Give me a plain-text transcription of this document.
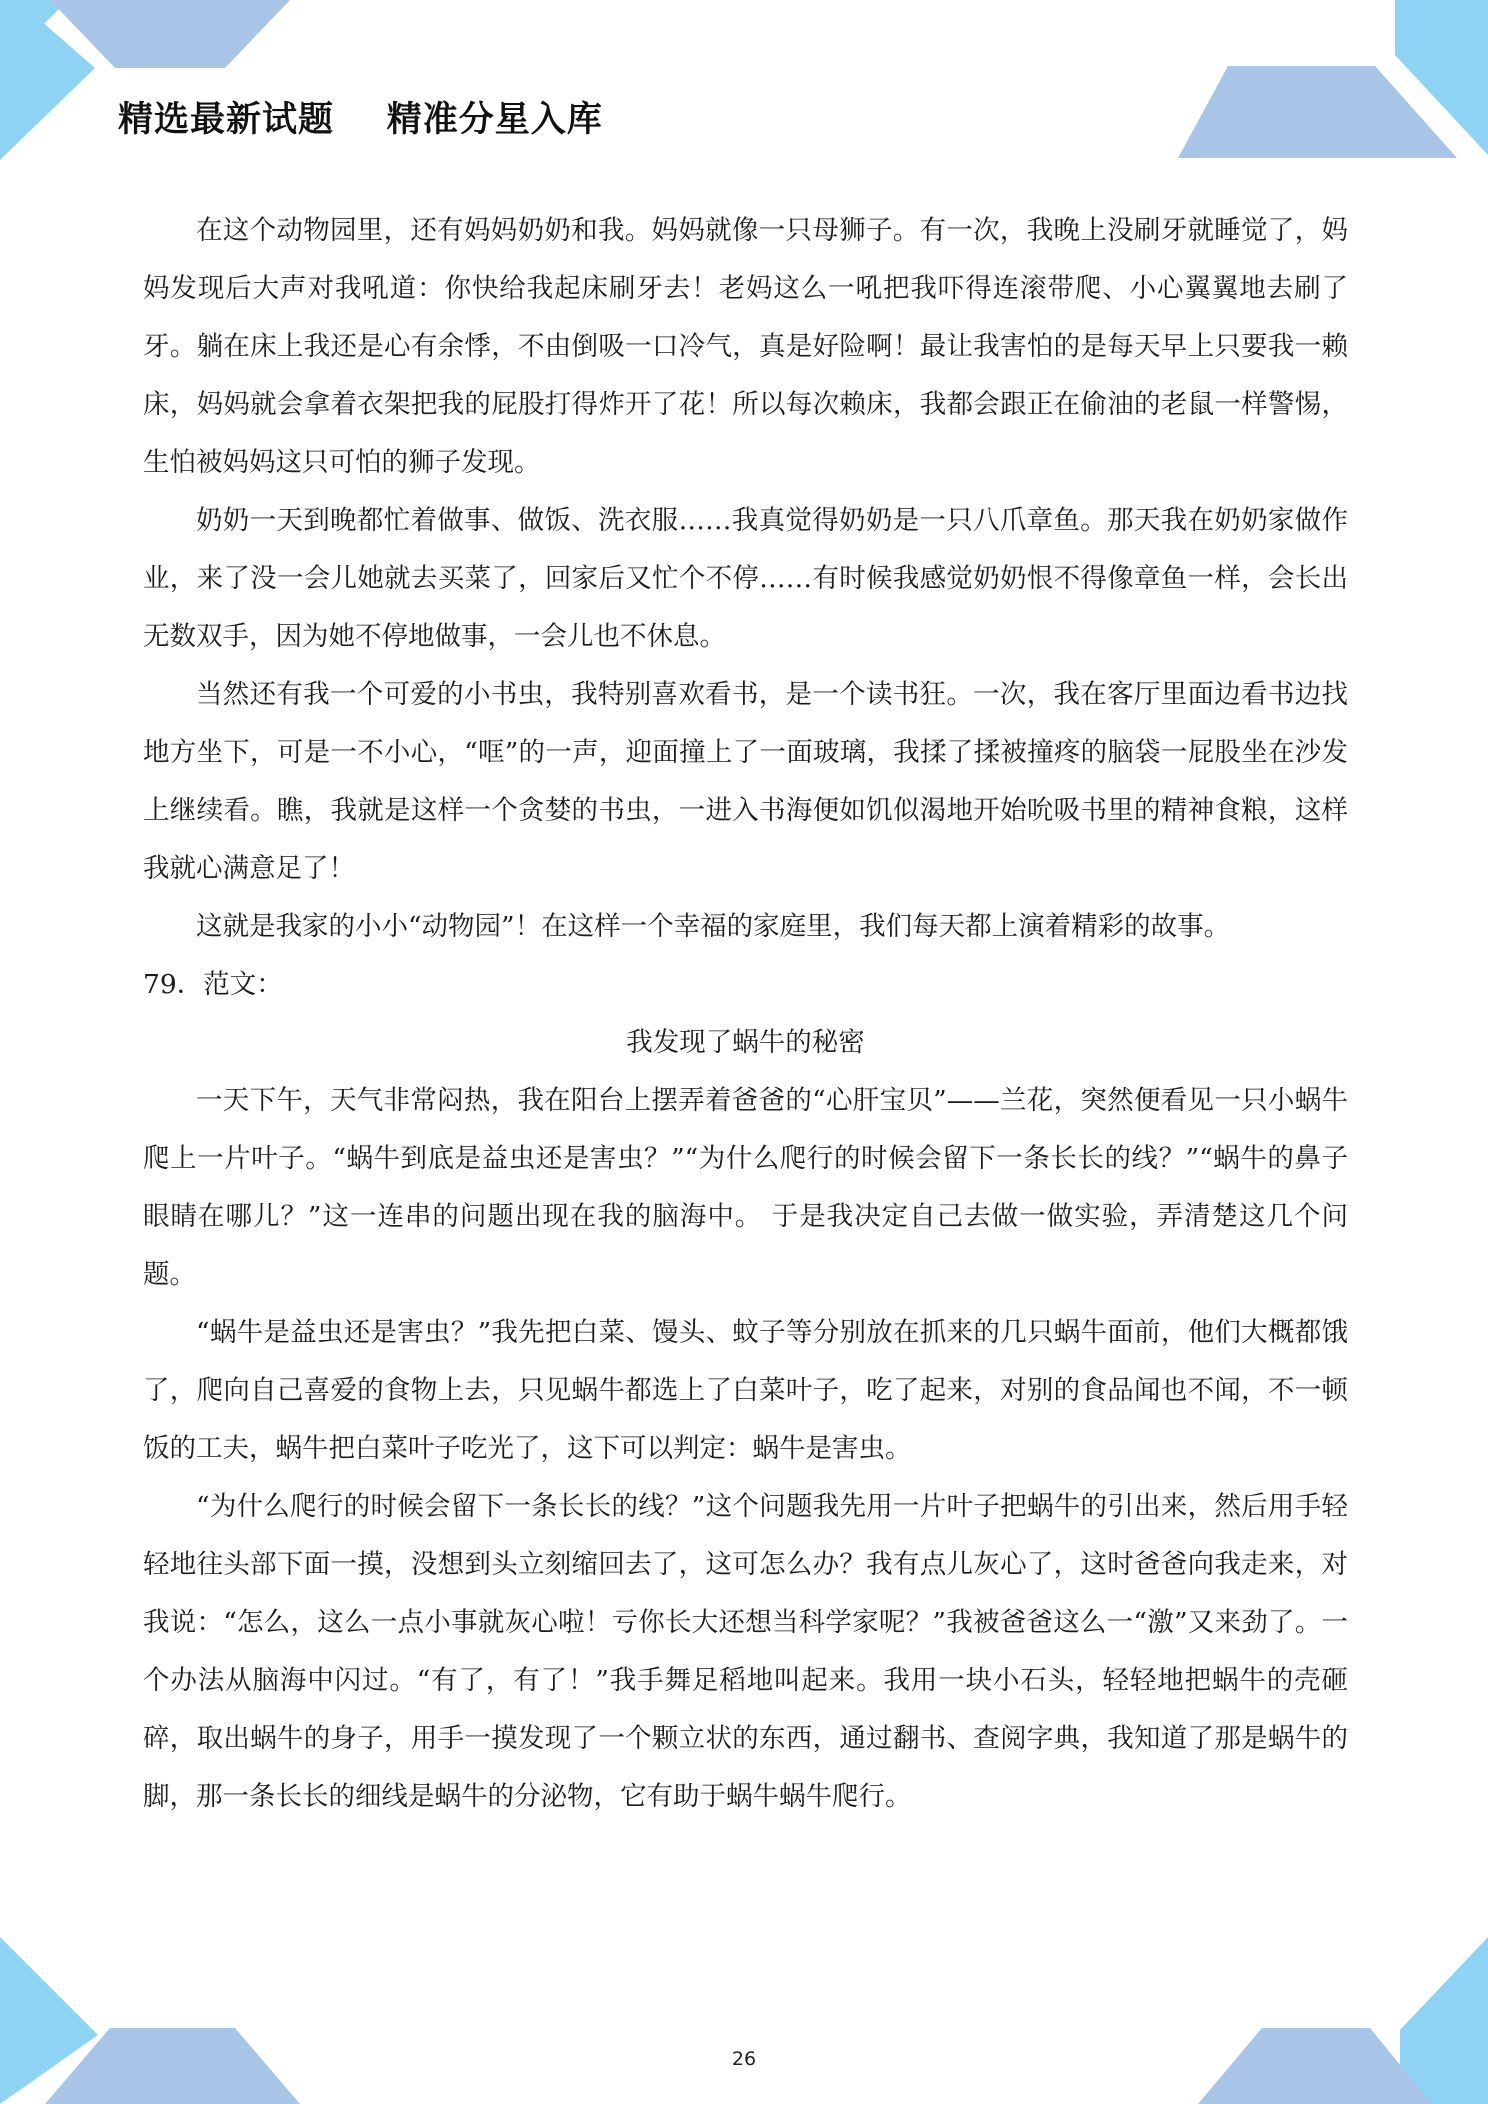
精选最新试题    精准分星入库

在这个动物园里，还有妈妈奶奶和我。妈妈就像一只母狮子。有一次，我晚上没刷牙就睡觉了，妈妈发现后大声对我吼道：你快给我起床刷牙去！老妈这么一吼把我吓得连滚带爬、小心翼翼地去刷了牙。躺在床上我还是心有余悸，不由倒吸一口冷气，真是好险啊！最让我害怕的是每天早上只要我一赖床，妈妈就会拿着衣架把我的屁股打得炸开了花！所以每次赖床，我都会跟正在偷油的老鼠一样警惕，生怕被妈妈这只可怕的狮子发现。

奶奶一天到晚都忙着做事、做饭、洗衣服……我真觉得奶奶是一只八爪章鱼。那天我在奶奶家做作业，来了没一会儿她就去买菜了，回家后又忙个不停……有时候我感觉奶奶恨不得像章鱼一样，会长出无数双手，因为她不停地做事，一会儿也不休息。

当然还有我一个可爱的小书虫，我特别喜欢看书，是一个读书狂。一次，我在客厅里面边看书边找地方坐下，可是一不小心，“哐”的一声，迎面撞上了一面玻璃，我揉了揉被撞疼的脑袋一屁股坐在沙发上继续看。瞧，我就是这样一个贪婪的书虫，一进入书海便如饥似渴地开始吮吸书里的精神食粮，这样我就心满意足了！

这就是我家的小小“动物园”！在这样一个幸福的家庭里，我们每天都上演着精彩的故事。

79．范文：

我发现了蜗牛的秘密

一天下午，天气非常闷热，我在阳台上摆弄着爸爸的“心肝宝贝”——兰花，突然便看见一只小蜗牛爬上一片叶子。“蜗牛到底是益虫还是害虫？”“为什么爬行的时候会留下一条长长的线？”“蜗牛的鼻子眼睛在哪儿？”这一连串的问题出现在我的脑海中。 于是我决定自己去做一做实验，弄清楚这几个问题。

“蜗牛是益虫还是害虫？”我先把白菜、馒头、蚊子等分别放在抓来的几只蜗牛面前，他们大概都饿了，爬向自己喜爱的食物上去，只见蜗牛都选上了白菜叶子，吃了起来，对别的食品闻也不闻，不一顿饭的工夫，蜗牛把白菜叶子吃光了，这下可以判定：蜗牛是害虫。

“为什么爬行的时候会留下一条长长的线？”这个问题我先用一片叶子把蜗牛的引出来，然后用手轻轻地往头部下面一摸，没想到头立刻缩回去了，这可怎么办？我有点儿灰心了，这时爸爸向我走来，对我说：“怎么，这么一点小事就灰心啦！亏你长大还想当科学家呢？”我被爸爸这么一“激”又来劲了。一个办法从脑海中闪过。“有了，有了！”我手舞足稻地叫起来。我用一块小石头，轻轻地把蜗牛的壳砸碎，取出蜗牛的身子，用手一摸发现了一个颗立状的东西，通过翻书、查阅字典，我知道了那是蜗牛的脚，那一条长长的细线是蜗牛的分泌物，它有助于蜗牛蜗牛爬行。

26
